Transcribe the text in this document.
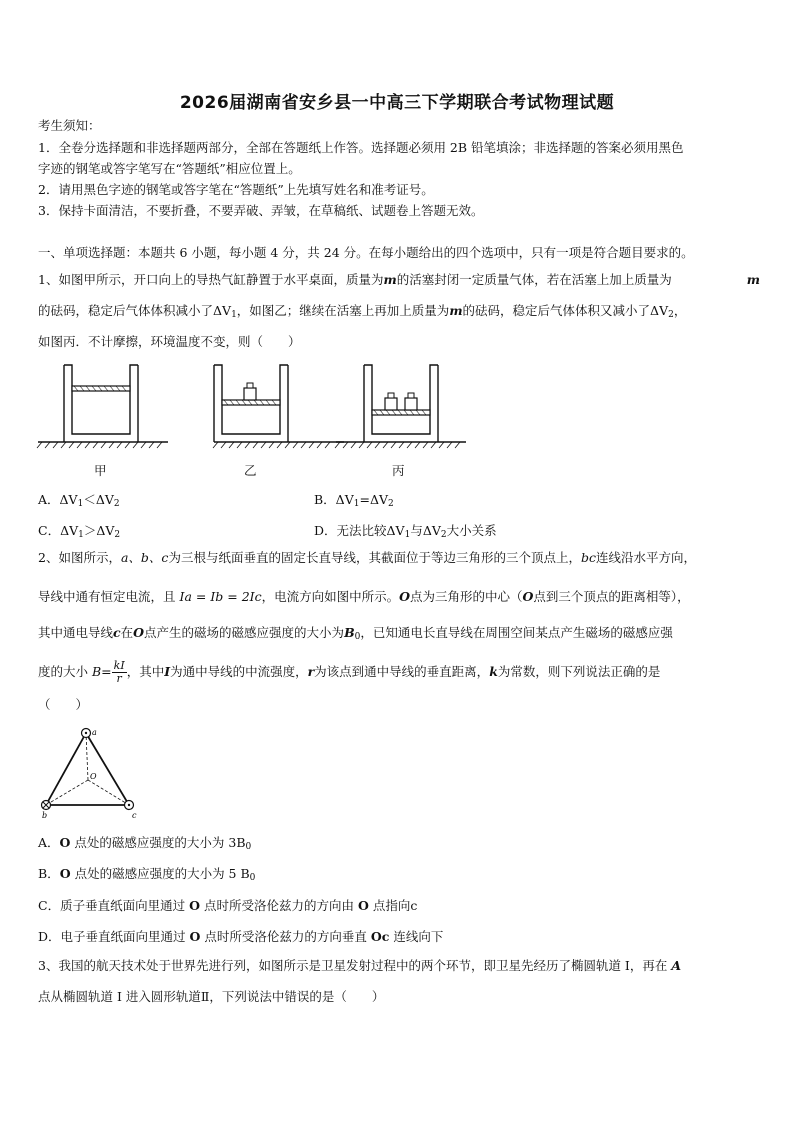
2026届湖南省安乡县一中高三下学期联合考试物理试题
考生须知：
1．全卷分选择题和非选择题两部分，全部在答题纸上作答。选择题必须用 2B 铅笔填涂；非选择题的答案必须用黑色
字迹的钢笔或答字笔写在“答题纸”相应位置上。
2．请用黑色字迹的钢笔或答字笔在“答题纸”上先填写姓名和准考证号。
3．保持卡面清洁，不要折叠，不要弄破、弄皱，在草稿纸、试题卷上答题无效。
一、单项选择题：本题共 6 小题，每小题 4 分，共 24 分。在每小题给出的四个选项中，只有一项是符合题目要求的。
1、如图甲所示，开口向上的导热气缸静置于水平桌面，质量为m的活塞封闭一定质量气体，若在活塞上加上质量为	m
的砝码，稳定后气体体积减小了$\Delta V_1$，如图乙；继续在活塞上再加上质量为m的砝码，稳定后气体体积又减小了$\Delta V_2$，
如图丙．不计摩擦，环境温度不变，则（　　）
甲	乙	丙
A．$\Delta V_1<\Delta V_2$	B．$\Delta V_1=\Delta V_2$
C．$\Delta V_1>\Delta V_2$	D．无法比较$\Delta V_1$与$\Delta V_2$大小关系
2、如图所示，a、b、c为三根与纸面垂直的固定长直导线，其截面位于等边三角形的三个顶点上，bc连线沿水平方向，
导线中通有恒定电流，且 Ia = Ib = 2Ic，电流方向如图中所示。O点为三角形的中心（O点到三个顶点的距离相等），
其中通电导线c在O点产生的磁场的磁感应强度的大小为$B_0$，已知通电长直导线在周围空间某点产生磁场的磁感应强
度的大小 $B= \frac{kI}{r}$ ，其中I为通中导线的中流强度，r为该点到通中导线的垂直距离，k为常数，则下列说法正确的是
（　　）
a
O
b	c
A．O 点处的磁感应强度的大小为 $3B_0$
B．O 点处的磁感应强度的大小为 5 $B_0$
C．质子垂直纸面向里通过 O 点时所受洛伦兹力的方向由 O 点指向c
D．电子垂直纸面向里通过 O 点时所受洛伦兹力的方向垂直 Oc 连线向下
3、我国的航天技术处于世界先进行列，如图所示是卫星发射过程中的两个环节，即卫星先经历了椭圆轨道 I，再在 A
点从椭圆轨道 I 进入圆形轨道Ⅱ，下列说法中错误的是（　　）
